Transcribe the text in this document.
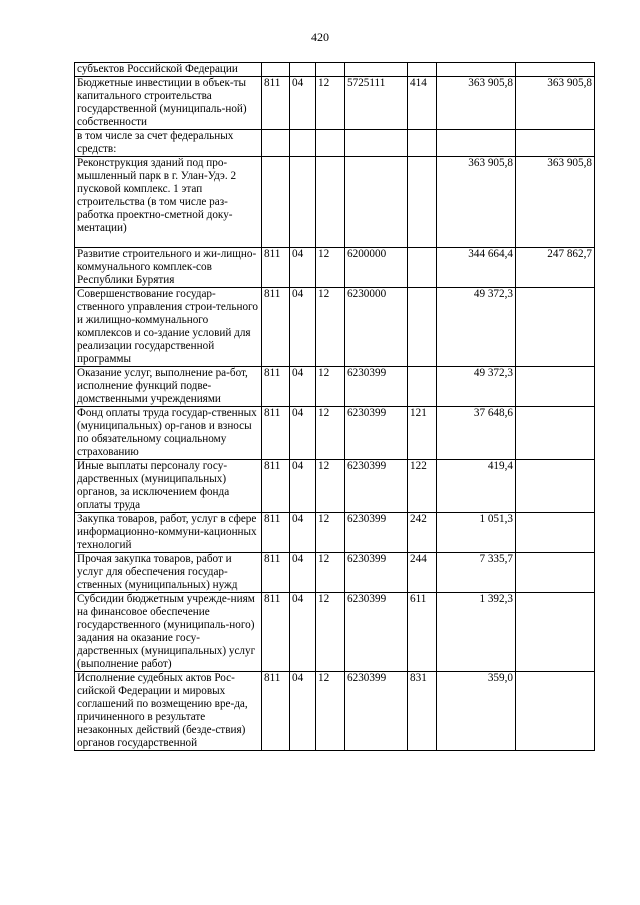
420
субъектов Российской Федерации							
Бюджетные инвестиции в объек-ты капитального строительства государственной (муниципаль-ной) собственности	811	04	12	5725111	414	363 905,8	363 905,8
в том числе за счет федеральных средств:							
Реконструкция зданий под про-мышленный парк в г. Улан-Удэ. 2 пусковой комплекс. 1 этап строительства (в том числе раз-работка проектно-сметной доку-ментации)						363 905,8	363 905,8
Развитие строительного и жи-лищно-коммунального комплек-сов Республики Бурятия	811	04	12	6200000		344 664,4	247 862,7
Совершенствование государ-ственного управления строи-тельного и жилищно-коммунального комплексов и со-здание условий для реализации государственной программы	811	04	12	6230000		49 372,3	
Оказание услуг, выполнение ра-бот, исполнение функций подве-домственными учреждениями	811	04	12	6230399		49 372,3	
Фонд оплаты труда государ-ственных (муниципальных) ор-ганов и взносы по обязательному социальному страхованию	811	04	12	6230399	121	37 648,6	
Иные выплаты персоналу госу-дарственных (муниципальных) органов, за исключением фонда оплаты труда	811	04	12	6230399	122	419,4	
Закупка товаров, работ, услуг в сфере информационно-коммуни-кационных технологий	811	04	12	6230399	242	1 051,3	
Прочая закупка товаров, работ и услуг для обеспечения государ-ственных (муниципальных) нужд	811	04	12	6230399	244	7 335,7	
Субсидии бюджетным учрежде-ниям на финансовое обеспечение государственного (муниципаль-ного) задания на оказание госу-дарственных (муниципальных) услуг (выполнение работ)	811	04	12	6230399	611	1 392,3	
Исполнение судебных актов Рос-сийской Федерации и мировых соглашений по возмещению вре-да, причиненного в результате незаконных действий (безде-ствия) органов государственной	811	04	12	6230399	831	359,0	
